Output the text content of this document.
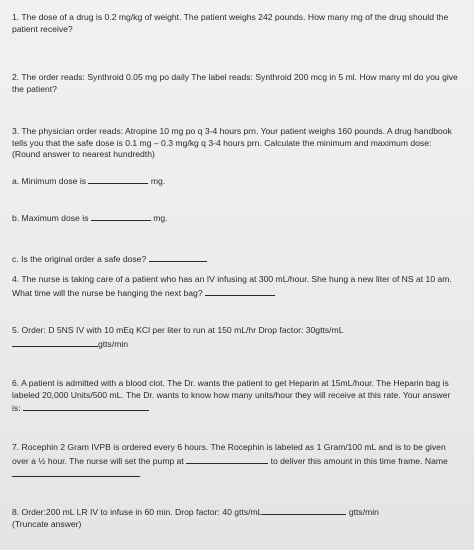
1. The dose of a drug is 0.2 mg/kg of weight. The patient weighs 242 pounds. How many mg of the drug should the patient receive?

2. The order reads: Synthroid 0.05 mg po daily The label reads: Synthroid 200 mcg in 5 ml. How many ml do you give the patient?

3. The physician order reads: Atropine 10 mg po q 3-4 hours prn. Your patient weighs 160 pounds. A drug handbook tells you that the safe dose is 0.1 mg – 0.3 mg/kg q 3-4 hours prn. Calculate the minimum and maximum dose: (Round answer to nearest hundredth)

a. Minimum dose is	mg.
b. Maximum dose is	mg.
c. Is the original order a safe dose?

4. The nurse is taking care of a patient who has an IV infusing at 300 mL/hour. She hung a new liter of NS at 10 am. What time will the nurse be hanging the next bag?

5. Order: D 5NS IV with 10 mEq KCl per liter to run at 150 mL/hr Drop factor: 30gtts/mL
gtts/min

6. A patient is admitted with a blood clot. The Dr. wants the patient to get Heparin at 15mL/hour. The Heparin bag is labeled 20,000 Units/500 mL. The Dr. wants to know how many units/hour they will receive at this rate. Your answer is:

7. Rocephin 2 Gram IVPB is ordered every 6 hours. The Rocephin is labeled as 1 Gram/100 mL and is to be given over a ½ hour. The nurse will set the pump at	to deliver this amount in this time frame. Name

8. Order:200 mL LR IV to infuse in 60 min. Drop factor: 40 gtts/mL	gtts/min
(Truncate answer)
